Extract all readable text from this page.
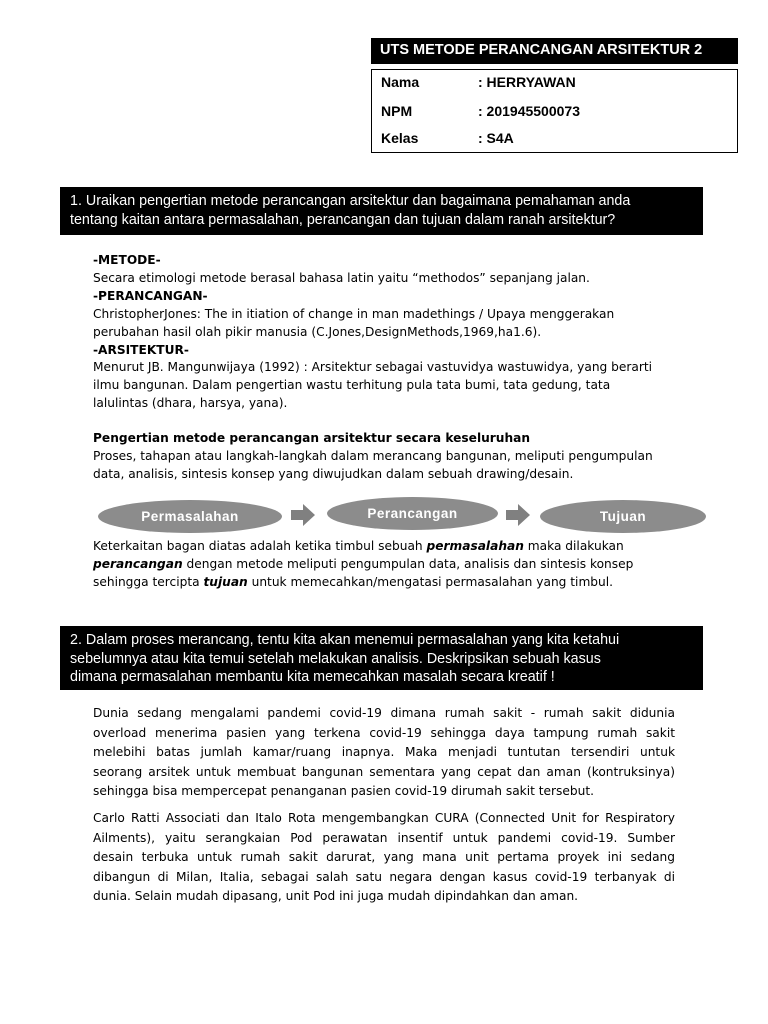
UTS METODE PERANCANGAN ARSITEKTUR 2
Nama	: HERRYAWAN
NPM	: 201945500073
Kelas	: S4A
1. Uraikan pengertian metode perancangan arsitektur dan bagaimana pemahaman anda
tentang kaitan antara permasalahan, perancangan dan tujuan dalam ranah arsitektur?
-METODE-
Secara etimologi metode berasal bahasa latin yaitu “methodos” sepanjang jalan.
-PERANCANGAN-
ChristopherJones: The in itiation of change in man madethings / Upaya menggerakan
perubahan hasil olah pikir manusia (C.Jones,DesignMethods,1969,ha1.6).
-ARSITEKTUR-
Menurut JB. Mangunwijaya (1992) : Arsitektur sebagai vastuvidya wastuwidya, yang berarti
ilmu bangunan. Dalam pengertian wastu terhitung pula tata bumi, tata gedung, tata
lalulintas (dhara, harsya, yana).
Pengertian metode perancangan arsitektur secara keseluruhan
Proses, tahapan atau langkah-langkah dalam merancang bangunan, meliputi pengumpulan
data, analisis, sintesis konsep yang diwujudkan dalam sebuah drawing/desain.
Permasalahan	Perancangan	Tujuan
Keterkaitan bagan diatas adalah ketika timbul sebuah permasalahan maka dilakukan
perancangan dengan metode meliputi pengumpulan data, analisis dan sintesis konsep
sehingga tercipta tujuan untuk memecahkan/mengatasi permasalahan yang timbul.
2. Dalam proses merancang, tentu kita akan menemui permasalahan yang kita ketahui
sebelumnya atau kita temui setelah melakukan analisis. Deskripsikan sebuah kasus
dimana permasalahan membantu kita memecahkan masalah secara kreatif !
Dunia sedang mengalami pandemi covid-19 dimana rumah sakit - rumah sakit didunia
overload menerima pasien yang terkena covid-19 sehingga daya tampung rumah sakit
melebihi batas jumlah kamar/ruang inapnya. Maka menjadi tuntutan tersendiri untuk
seorang arsitek untuk membuat bangunan sementara yang cepat dan aman (kontruksinya)
sehingga bisa mempercepat penanganan pasien covid-19 dirumah sakit tersebut.
Carlo Ratti Associati dan Italo Rota mengembangkan CURA (Connected Unit for Respiratory
Ailments), yaitu serangkaian Pod perawatan insentif untuk pandemi covid-19. Sumber
desain terbuka untuk rumah sakit darurat, yang mana unit pertama proyek ini sedang
dibangun di Milan, Italia, sebagai salah satu negara dengan kasus covid-19 terbanyak di
dunia. Selain mudah dipasang, unit Pod ini juga mudah dipindahkan dan aman.
